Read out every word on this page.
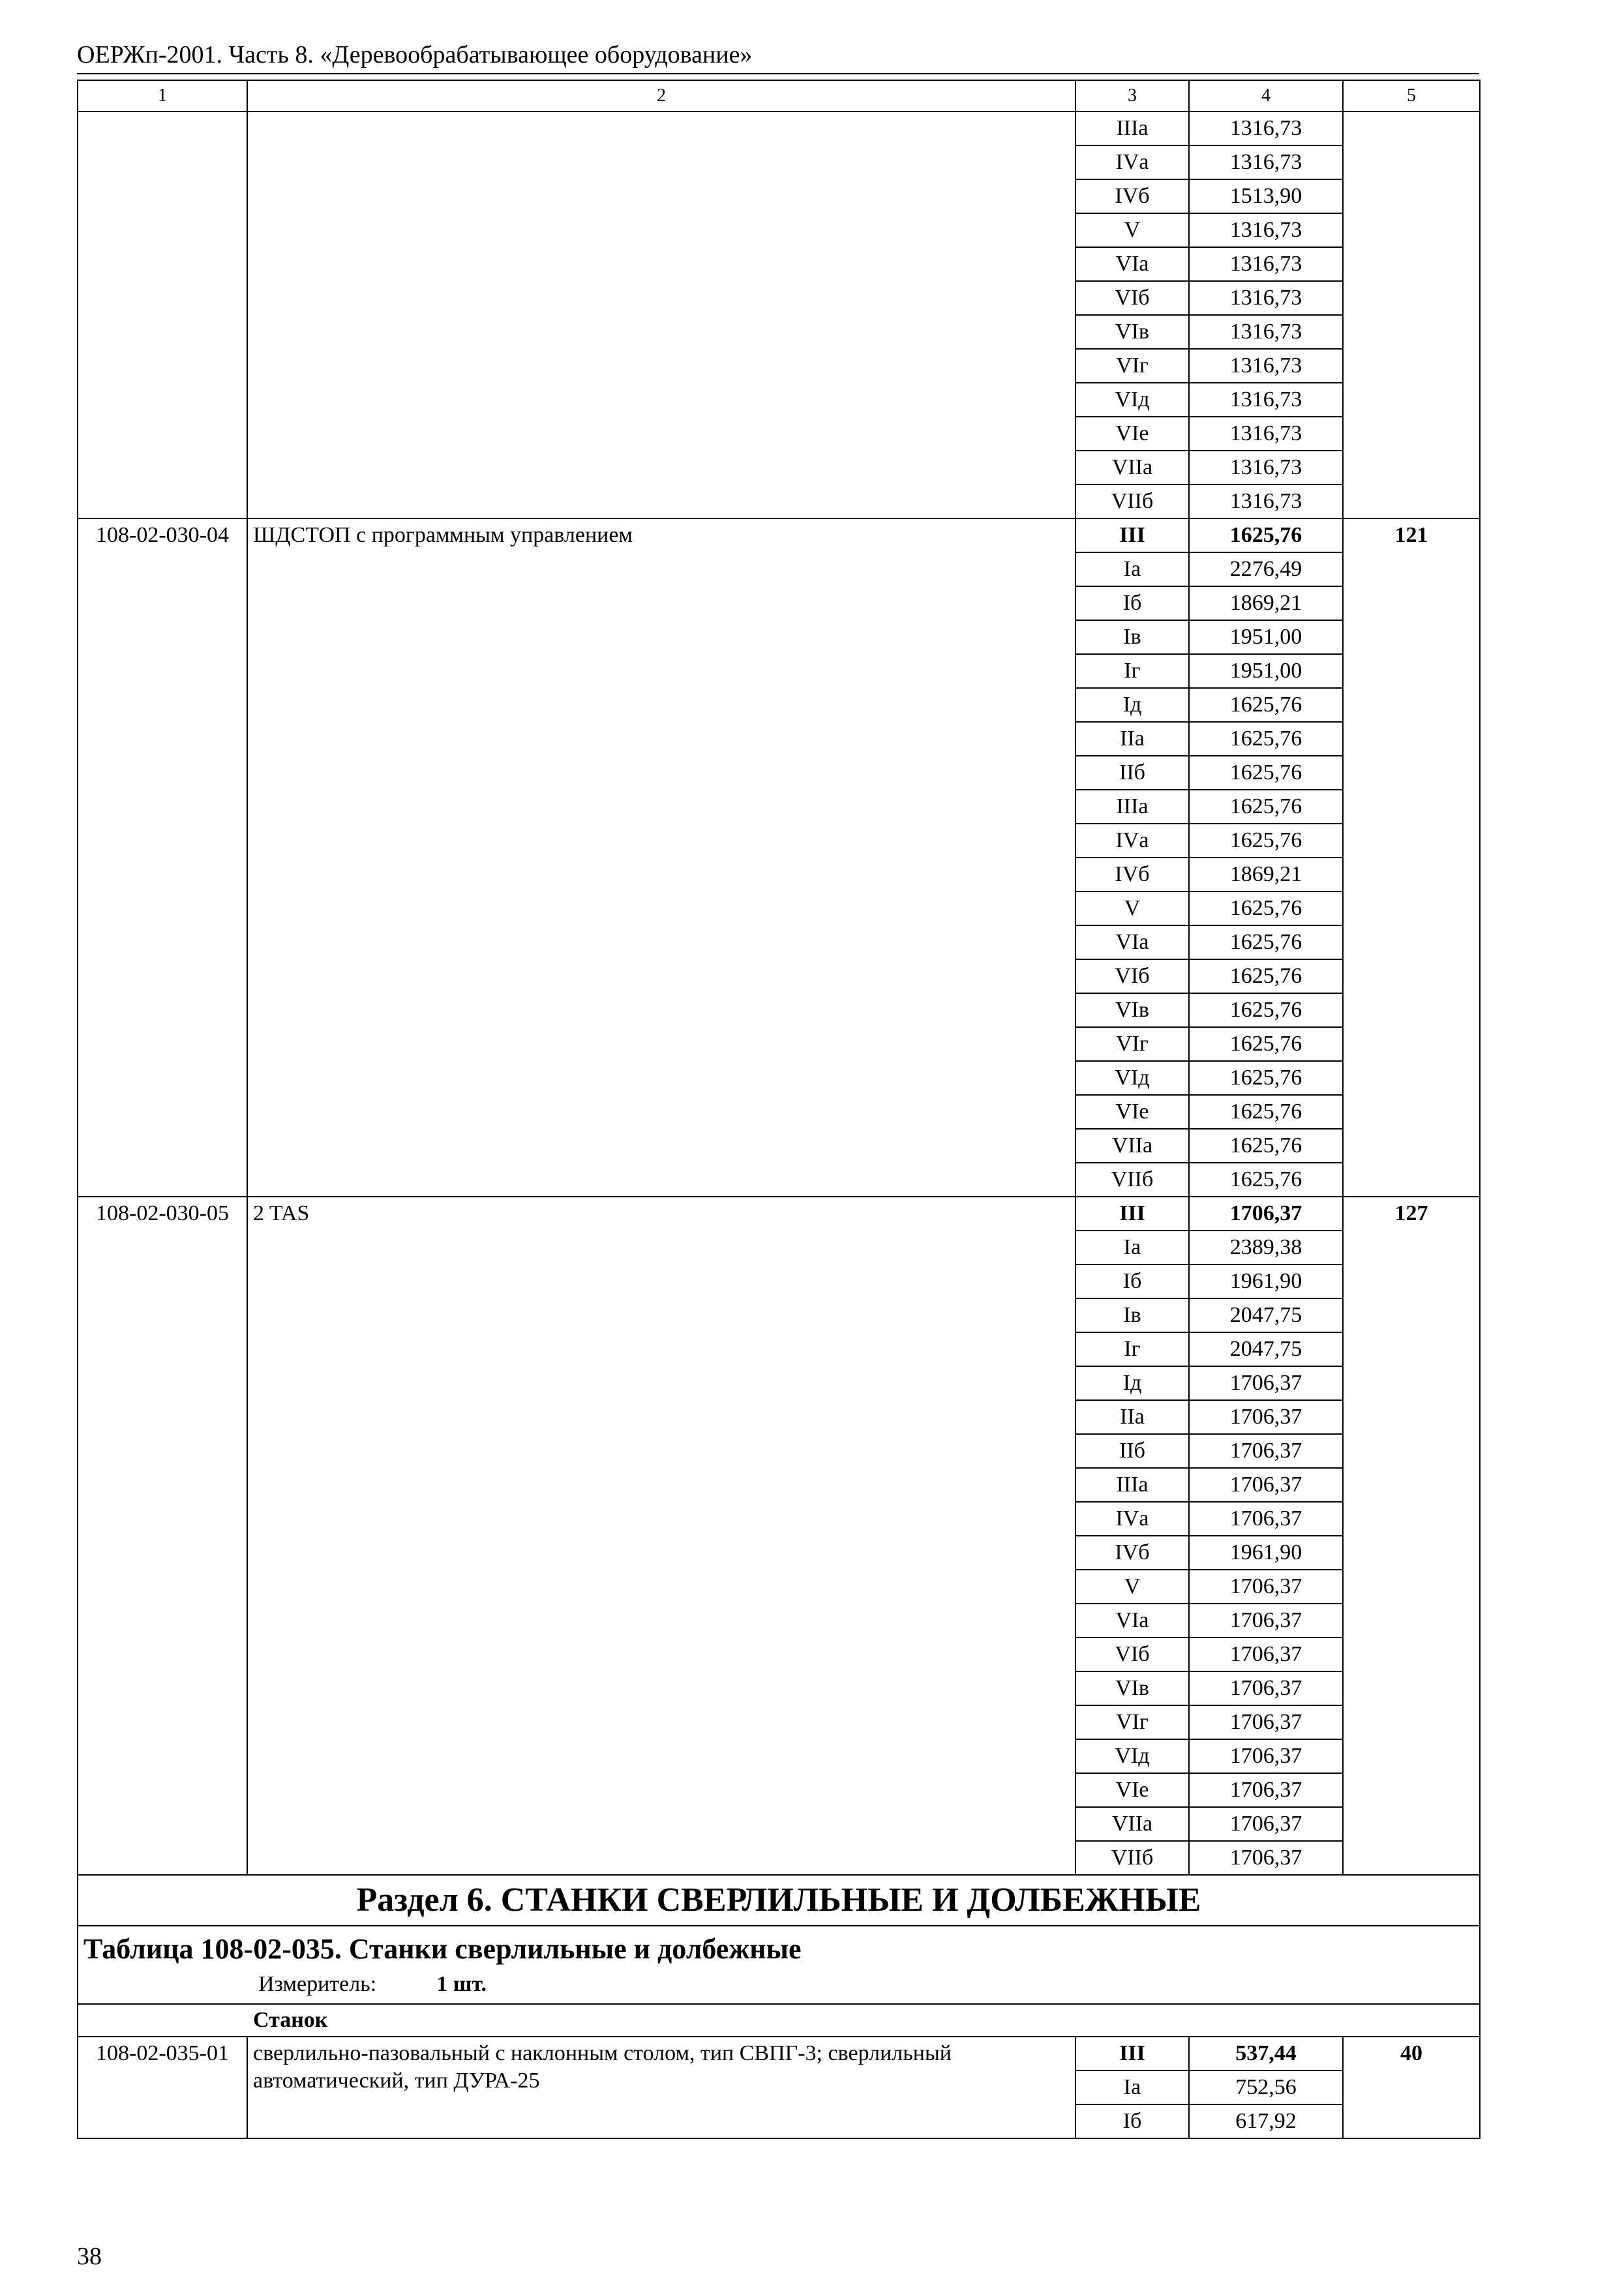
ОЕРЖп-2001. Часть 8. «Деревообрабатывающее оборудование»
1	2	3	4	5
		IIIа	1316,73	
		IVа	1316,73	
		IVб	1513,90	
		V	1316,73	
		VIа	1316,73	
		VIб	1316,73	
		VIв	1316,73	
		VIг	1316,73	
		VIд	1316,73	
		VIе	1316,73	
		VIIа	1316,73	
		VIIб	1316,73	
108-02-030-04	ШДСТОП с программным управлением	III	1625,76	121
		Iа	2276,49	
		Iб	1869,21	
		Iв	1951,00	
		Iг	1951,00	
		Iд	1625,76	
		IIа	1625,76	
		IIб	1625,76	
		IIIа	1625,76	
		IVа	1625,76	
		IVб	1869,21	
		V	1625,76	
		VIа	1625,76	
		VIб	1625,76	
		VIв	1625,76	
		VIг	1625,76	
		VIд	1625,76	
		VIе	1625,76	
		VIIа	1625,76	
		VIIб	1625,76	
108-02-030-05	2 TAS	III	1706,37	127
		Iа	2389,38	
		Iб	1961,90	
		Iв	2047,75	
		Iг	2047,75	
		Iд	1706,37	
		IIа	1706,37	
		IIб	1706,37	
		IIIа	1706,37	
		IVа	1706,37	
		IVб	1961,90	
		V	1706,37	
		VIа	1706,37	
		VIб	1706,37	
		VIв	1706,37	
		VIг	1706,37	
		VIд	1706,37	
		VIе	1706,37	
		VIIа	1706,37	
		VIIб	1706,37	
Раздел 6. СТАНКИ СВЕРЛИЛЬНЫЕ И ДОЛБЕЖНЫЕ				

Таблица 108-02-035. Станки сверлильные и долбежные
Измеритель: 1 шт.				

Станок				
108-02-035-01	сверлильно-пазовальный с наклонным столом, тип СВПГ-3; сверлильный автоматический, тип ДУРА-25	III	537,44	40
		Iа	752,56	
		Iб	617,92	
38
